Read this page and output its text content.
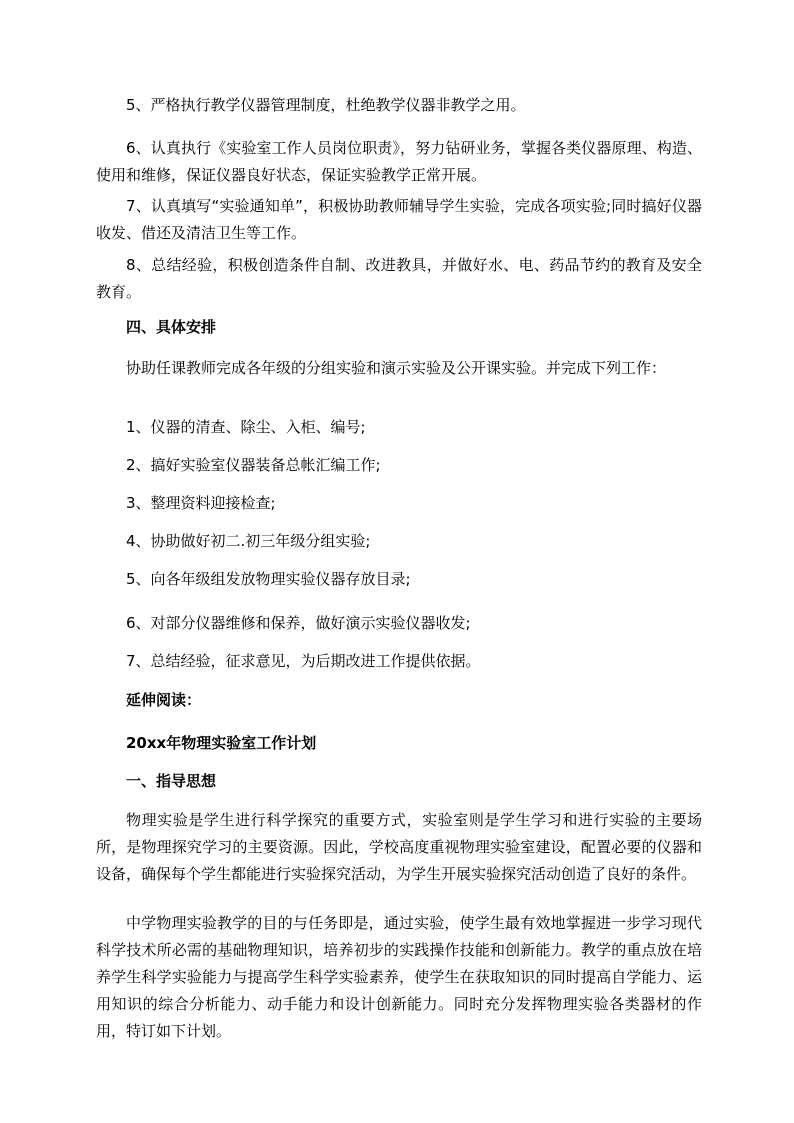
5、严格执行教学仪器管理制度，杜绝教学仪器非教学之用。

6、认真执行《实验室工作人员岗位职责》，努力钻研业务，掌握各类仪器原理、构造、使用和维修，保证仪器良好状态，保证实验教学正常开展。

7、认真填写“实验通知单”，积极协助教师辅导学生实验，完成各项实验;同时搞好仪器收发、借还及清洁卫生等工作。

8、总结经验，积极创造条件自制、改进教具，并做好水、电、药品节约的教育及安全教育。

四、具体安排

协助任课教师完成各年级的分组实验和演示实验及公开课实验。并完成下列工作：

1、仪器的清查、除尘、入柜、编号;

2、搞好实验室仪器装备总帐汇编工作;

3、整理资料迎接检查;

4、协助做好初二.初三年级分组实验;

5、向各年级组发放物理实验仪器存放目录;

6、对部分仪器维修和保养，做好演示实验仪器收发;

7、总结经验，征求意见，为后期改进工作提供依据。

延伸阅读：

20xx年物理实验室工作计划

一、指导思想

物理实验是学生进行科学探究的重要方式，实验室则是学生学习和进行实验的主要场所，是物理探究学习的主要资源。因此，学校高度重视物理实验室建设，配置必要的仪器和设备，确保每个学生都能进行实验探究活动，为学生开展实验探究活动创造了良好的条件。

中学物理实验教学的目的与任务即是，通过实验，使学生最有效地掌握进一步学习现代科学技术所必需的基础物理知识，培养初步的实践操作技能和创新能力。教学的重点放在培养学生科学实验能力与提高学生科学实验素养，使学生在获取知识的同时提高自学能力、运用知识的综合分析能力、动手能力和设计创新能力。同时充分发挥物理实验各类器材的作用，特订如下计划。
